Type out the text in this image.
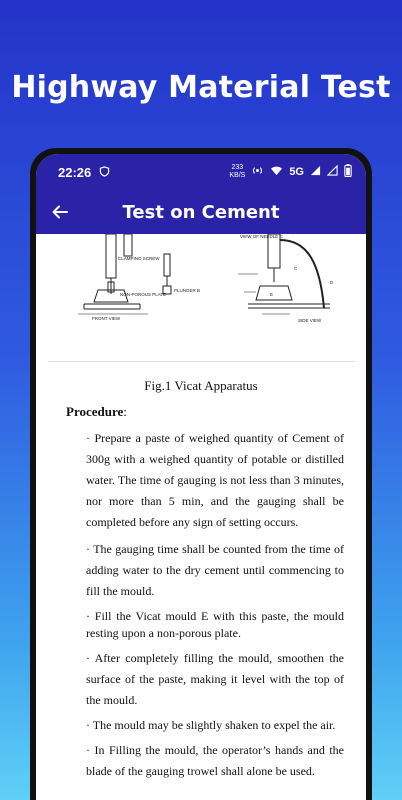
Highway Material Test
22:26	233
KB/S	5G
Test on Cement
CLAMPING SCREW
NON-POROUS PLATE
FRONT VIEW
PLUNGER B
VIEW OF NEEDLE C
SIDE VIEW
E
C
D
Fig.1 Vicat Apparatus
Procedure:

· Prepare a paste of weighed quantity of Cement of 300g with a weighed quantity of potable or distilled water. The time of gauging is not less than 3 minutes, nor more than 5 min, and the gauging shall be completed before any sign of setting occurs.

· The gauging time shall be counted from the time of adding water to the dry cement until commencing to fill the mould.

· Fill the Vicat mould E with this paste, the mould resting upon a non-porous plate.

· After completely filling the mould, smoothen the surface of the paste, making it level with the top of the mould.

· The mould may be slightly shaken to expel the air.

· In Filling the mould, the operator’s hands and the blade of the gauging trowel shall alone be used.
